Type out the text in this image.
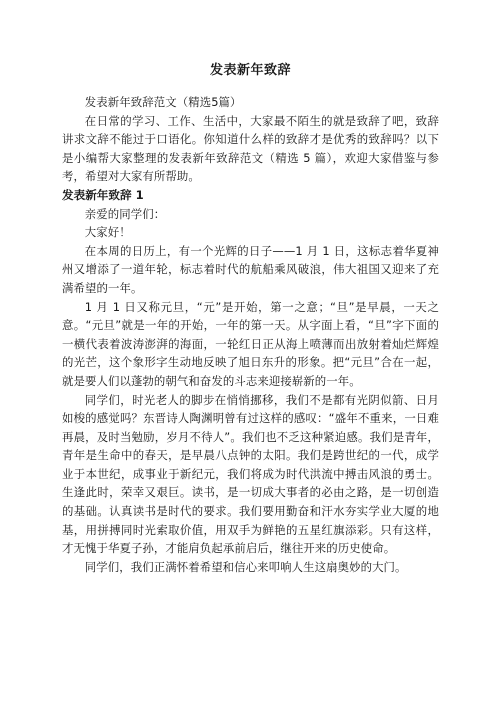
发表新年致辞

发表新年致辞范文（精选5篇）

在日常的学习、工作、生活中，大家最不陌生的就是致辞了吧，致辞讲求文辞不能过于口语化。你知道什么样的致辞才是优秀的致辞吗？以下是小编帮大家整理的发表新年致辞范文（精选 5 篇），欢迎大家借鉴与参考，希望对大家有所帮助。

发表新年致辞 1

亲爱的同学们：

大家好！

在本周的日历上，有一个光辉的日子——1 月 1 日，这标志着华夏神州又增添了一道年轮，标志着时代的航船乘风破浪，伟大祖国又迎来了充满希望的一年。

1 月 1 日又称元旦，“元”是开始，第一之意；“旦”是早晨，一天之意。“元旦”就是一年的开始，一年的第一天。从字面上看，“旦”字下面的一横代表着波涛澎湃的海面，一轮红日正从海上喷薄而出放射着灿烂辉煌的光芒，这个象形字生动地反映了旭日东升的形象。把“元旦”合在一起，就是要人们以蓬勃的朝气和奋发的斗志来迎接崭新的一年。

同学们，时光老人的脚步在悄悄挪移，我们不是都有光阴似箭、日月如梭的感觉吗？东晋诗人陶渊明曾有过这样的感叹：“盛年不重来，一日难再晨，及时当勉励，岁月不待人”。我们也不乏这种紧迫感。我们是青年，青年是生命中的春天，是早晨八点钟的太阳。我们是跨世纪的一代，成学业于本世纪，成事业于新纪元，我们将成为时代洪流中搏击风浪的勇士。生逢此时，荣幸又艰巨。读书，是一切成大事者的必由之路，是一切创造的基础。认真读书是时代的要求。我们要用勤奋和汗水夯实学业大厦的地基，用拼搏同时光索取价值，用双手为鲜艳的五星红旗添彩。只有这样，才无愧于华夏子孙，才能肩负起承前启后，继往开来的历史使命。

同学们，我们正满怀着希望和信心来叩响人生这扇奥妙的大门。
